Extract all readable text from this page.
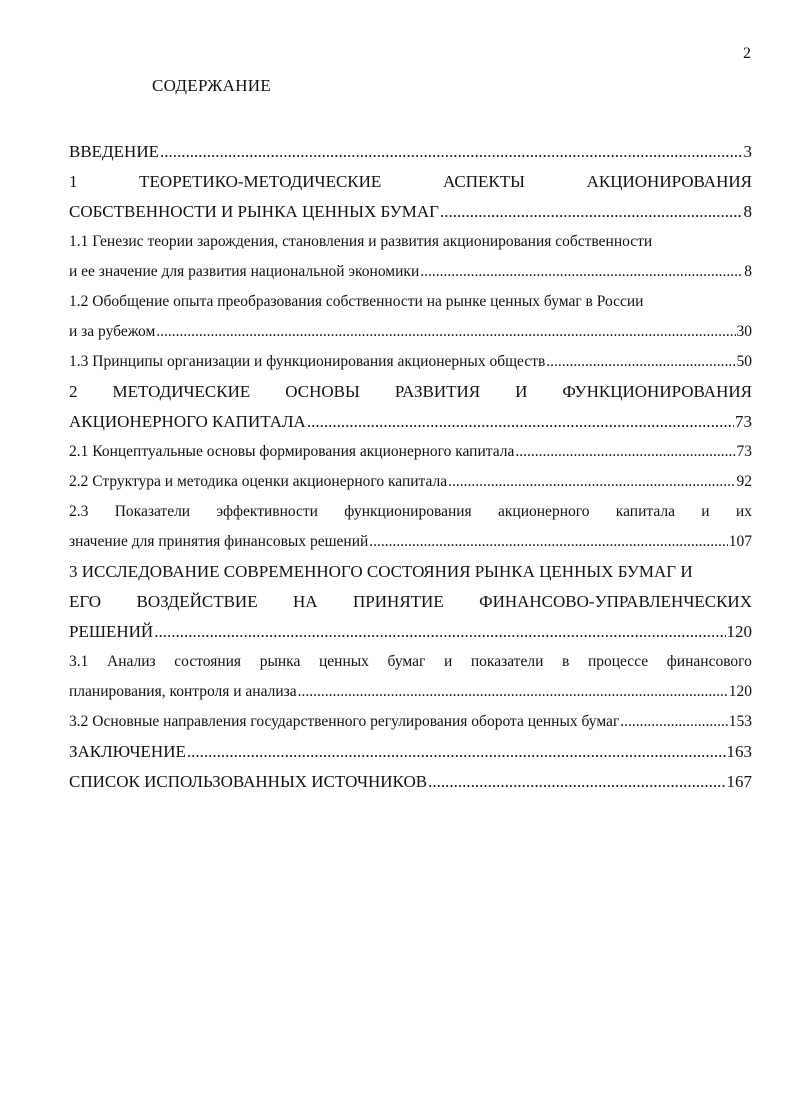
2
СОДЕРЖАНИЕ
ВВЕДЕНИЕ .....	3
1	ТЕОРЕТИКО-МЕТОДИЧЕСКИЕ	АСПЕКТЫ	АКЦИОНИРОВАНИЯ
СОБСТВЕННОСТИ И РЫНКА ЦЕННЫХ БУМАГ .....	8
1.1 Генезис теории зарождения, становления и развития акционирования собственности
и ее значение для развития национальной экономики .....	8
1.2 Обобщение опыта преобразования собственности на рынке ценных бумаг в России
и за рубежом .....	30
1.3 Принципы организации и функционирования акционерных обществ .....	50
2 МЕТОДИЧЕСКИЕ ОСНОВЫ РАЗВИТИЯ И ФУНКЦИОНИРОВАНИЯ
АКЦИОНЕРНОГО КАПИТАЛА .....	73
2.1 Концептуальные основы формирования акционерного капитала .....	73
2.2 Структура и методика оценки акционерного капитала .....	92
2.3 Показатели эффективности функционирования акционерного капитала и их
значение для принятия финансовых решений .....	107
3 ИССЛЕДОВАНИЕ СОВРЕМЕННОГО СОСТОЯНИЯ РЫНКА ЦЕННЫХ БУМАГ И
ЕГО ВОЗДЕЙСТВИЕ НА ПРИНЯТИЕ ФИНАНСОВО-УПРАВЛЕНЧЕСКИХ
РЕШЕНИЙ .....	120
3.1 Анализ состояния рынка ценных бумаг и показатели в процессе финансового
планирования, контроля и анализа .....	120
3.2 Основные направления государственного регулирования оборота ценных бумаг .....	153
ЗАКЛЮЧЕНИЕ .....	163
СПИСОК ИСПОЛЬЗОВАННЫХ ИСТОЧНИКОВ .....	167
